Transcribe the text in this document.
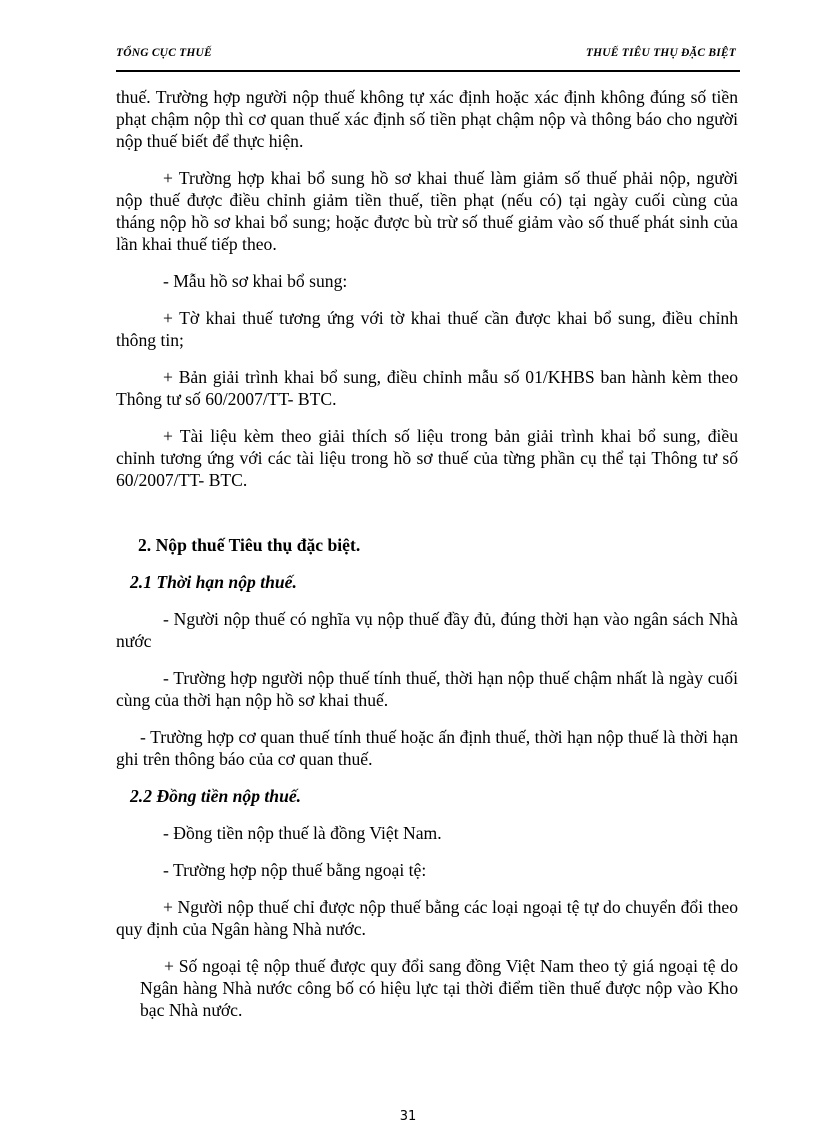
TỔNG CỤC THUẾ	THUẾ TIÊU THỤ ĐẶC BIỆT

thuế. Trường hợp người nộp thuế không tự xác định hoặc xác định không đúng số tiền phạt chậm nộp thì cơ quan thuế xác định số tiền phạt chậm nộp và thông báo cho người nộp thuế biết để thực hiện.

+ Trường hợp khai bổ sung hồ sơ khai thuế làm giảm số thuế phải nộp, người nộp thuế được điều chỉnh giảm tiền thuế, tiền phạt (nếu có) tại ngày cuối cùng của tháng nộp hồ sơ khai bổ sung; hoặc được bù trừ số thuế giảm vào số thuế phát sinh của lần khai thuế tiếp theo.

- Mẫu hồ sơ khai bổ sung:

+ Tờ khai thuế tương ứng với tờ khai thuế cần được khai bổ sung, điều chỉnh thông tin;

+ Bản giải trình khai bổ sung, điều chỉnh mẫu số 01/KHBS ban hành kèm theo Thông tư số 60/2007/TT- BTC.

+ Tài liệu kèm theo giải thích số liệu trong bản giải trình khai bổ sung, điều chỉnh tương ứng với các tài liệu trong hồ sơ thuế của từng phần cụ thể tại Thông tư số 60/2007/TT- BTC.

2. Nộp thuế Tiêu thụ đặc biệt.

2.1 Thời hạn nộp thuế.

- Người nộp thuế có nghĩa vụ nộp thuế đầy đủ, đúng thời hạn vào ngân sách Nhà nước

- Trường hợp người nộp thuế tính thuế, thời hạn nộp thuế chậm nhất là ngày cuối cùng của thời hạn nộp hồ sơ khai thuế.

- Trường hợp cơ quan thuế tính thuế hoặc ấn định thuế, thời hạn nộp thuế là thời hạn ghi trên thông báo của cơ quan thuế.

2.2 Đồng tiền nộp thuế.

- Đồng tiền nộp thuế là đồng Việt Nam.

- Trường hợp nộp thuế bằng ngoại tệ:

+ Người nộp thuế chỉ được nộp thuế bằng các loại ngoại tệ tự do chuyển đổi theo quy định của Ngân hàng Nhà nước.

+ Số ngoại tệ nộp thuế được quy đổi sang đồng Việt Nam theo tỷ giá ngoại tệ do Ngân hàng Nhà nước công bố có hiệu lực tại thời điểm tiền thuế được nộp vào Kho bạc Nhà nước.

31
